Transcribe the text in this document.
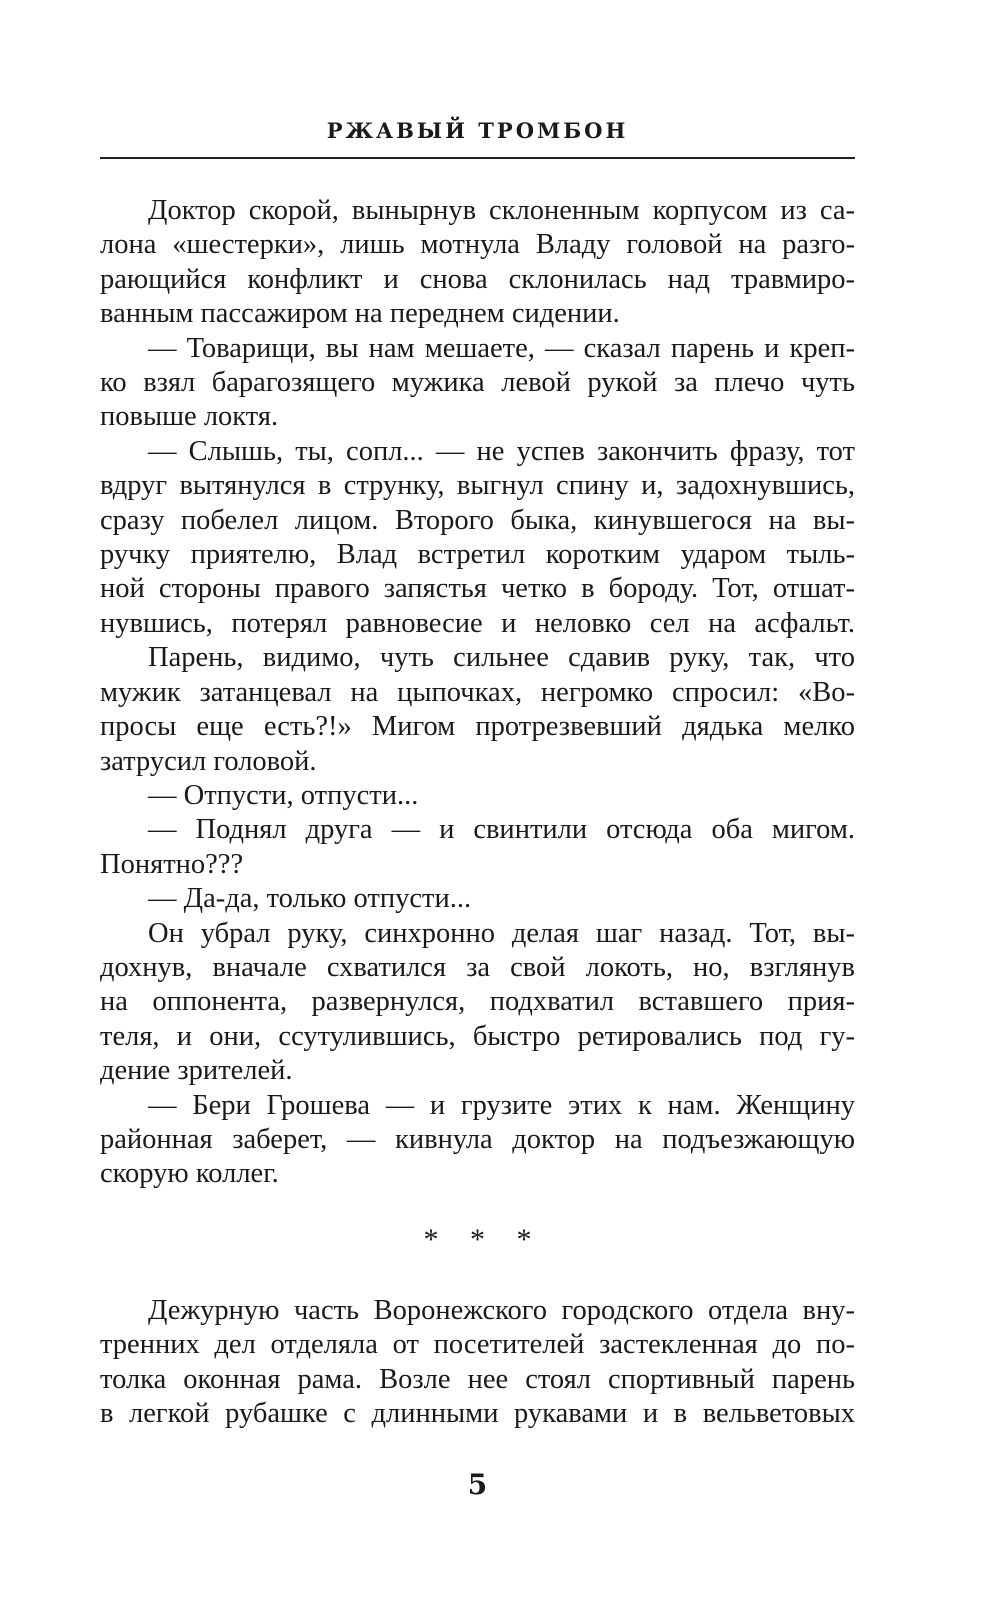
РЖАВЫЙ ТРОМБОН
Доктор скорой, вынырнув склоненным корпусом из са-
лона «шестерки», лишь мотнула Владу головой на разго-
рающийся конфликт и снова склонилась над травмиро-
ванным пассажиром на переднем сидении.
— Товарищи, вы нам мешаете, — сказал парень и креп-
ко взял барагозящего мужика левой рукой за плечо чуть
повыше локтя.
— Слышь, ты, сопл... — не успев закончить фразу, тот
вдруг вытянулся в струнку, выгнул спину и, задохнувшись,
сразу побелел лицом. Второго быка, кинувшегося на вы-
ручку приятелю, Влад встретил коротким ударом тыль-
ной стороны правого запястья четко в бороду. Тот, отшат-
нувшись, потерял равновесие и неловко сел на асфальт.
Парень, видимо, чуть сильнее сдавив руку, так, что
мужик затанцевал на цыпочках, негромко спросил: «Во-
просы еще есть?!» Мигом протрезвевший дядька мелко
затрусил головой.
— Отпусти, отпусти...
— Поднял друга — и свинтили отсюда оба мигом.
Понятно???
— Да-да, только отпусти...
Он убрал руку, синхронно делая шаг назад. Тот, вы-
дохнув, вначале схватился за свой локоть, но, взглянув
на оппонента, развернулся, подхватил вставшего прия-
теля, и они, ссутулившись, быстро ретировались под гу-
дение зрителей.
— Бери Грошева — и грузите этих к нам. Женщину
районная заберет, — кивнула доктор на подъезжающую
скорую коллег.
* * *
Дежурную часть Воронежского городского отдела вну-
тренних дел отделяла от посетителей застекленная до по-
толка оконная рама. Возле нее стоял спортивный парень
в легкой рубашке с длинными рукавами и в вельветовых
5
